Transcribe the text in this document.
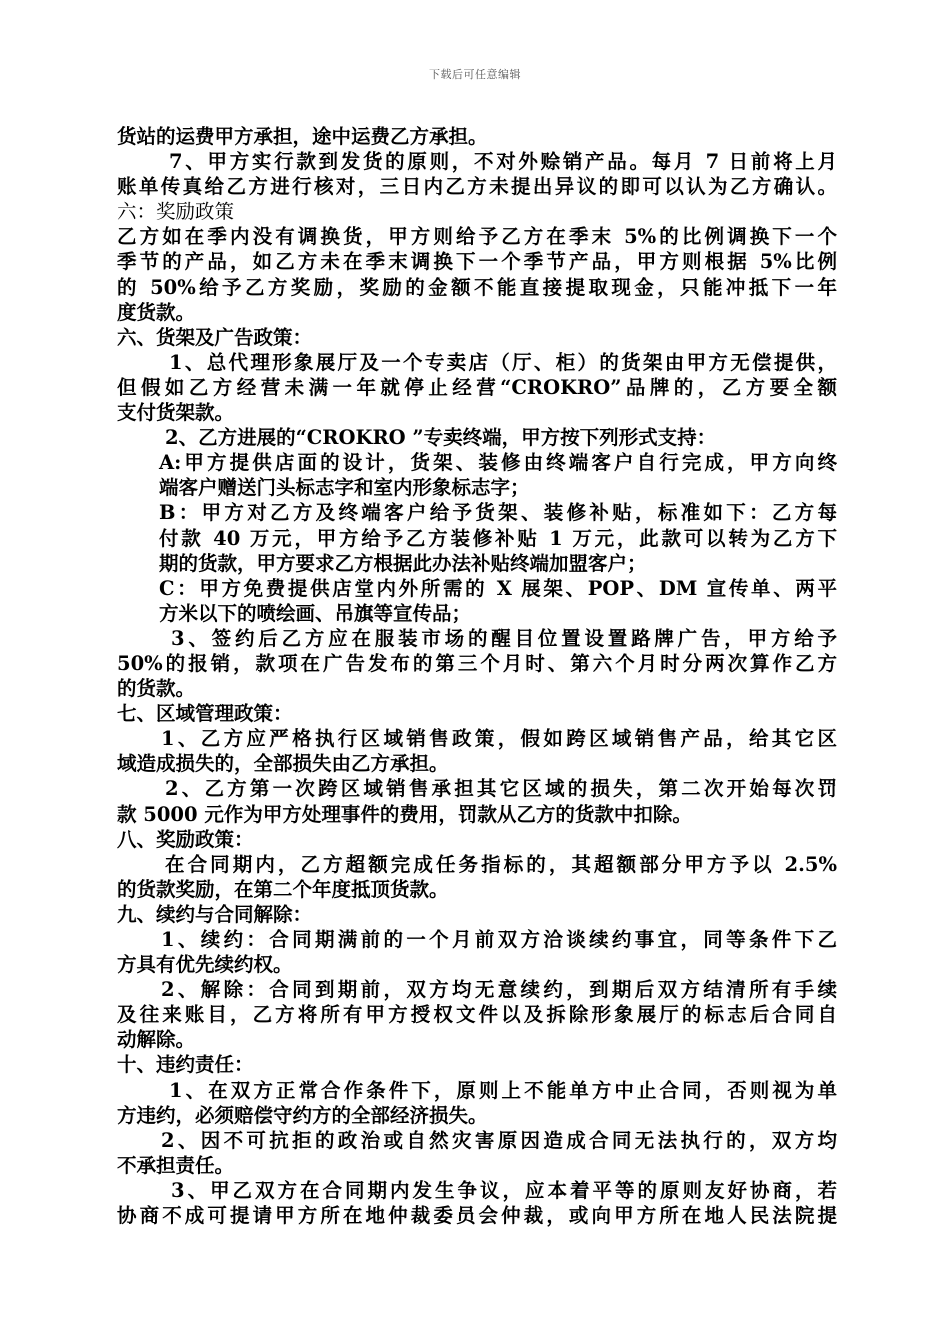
下载后可任意编辑
货站的运费甲方承担，途中运费乙方承担。
7、甲方实行款到发货的原则，不对外赊销产品。每月 7 日前将上月
账单传真给乙方进行核对，三日内乙方未提出异议的即可以认为乙方确认。
六：奖励政策
乙方如在季内没有调换货，甲方则给予乙方在季末 5%的比例调换下一个
季节的产品，如乙方未在季末调换下一个季节产品，甲方则根据 5%比例
的 50%给予乙方奖励，奖励的金额不能直接提取现金，只能冲抵下一年
度货款。
六、货架及广告政策：
1、总代理形象展厅及一个专卖店（厅、柜）的货架由甲方无偿提供，
但假如乙方经营未满一年就停止经营“CROKRO”品牌的，乙方要全额
支付货架款。
2、乙方进展的“CROKRO ”专卖终端，甲方按下列形式支持：
A:甲方提供店面的设计，货架、装修由终端客户自行完成，甲方向终
端客户赠送门头标志字和室内形象标志字；
B：甲方对乙方及终端客户给予货架、装修补贴，标准如下：乙方每
付款 40 万元，甲方给予乙方装修补贴 1 万元，此款可以转为乙方下
期的货款，甲方要求乙方根据此办法补贴终端加盟客户；
C：甲方免费提供店堂内外所需的 X 展架、POP、DM 宣传单、两平
方米以下的喷绘画、吊旗等宣传品；
3、签约后乙方应在服装市场的醒目位置设置路牌广告，甲方给予
50%的报销，款项在广告发布的第三个月时、第六个月时分两次算作乙方
的货款。
七、区域管理政策：
1、乙方应严格执行区域销售政策，假如跨区域销售产品，给其它区
域造成损失的，全部损失由乙方承担。
2、乙方第一次跨区域销售承担其它区域的损失，第二次开始每次罚
款 5000 元作为甲方处理事件的费用，罚款从乙方的货款中扣除。
八、奖励政策：
在合同期内，乙方超额完成任务指标的，其超额部分甲方予以 2.5%
的货款奖励，在第二个年度抵顶货款。
九、续约与合同解除：
1、续约：合同期满前的一个月前双方洽谈续约事宜，同等条件下乙
方具有优先续约权。
2、解除：合同到期前，双方均无意续约，到期后双方结清所有手续
及往来账目，乙方将所有甲方授权文件以及拆除形象展厅的标志后合同自
动解除。
十、违约责任：
1、在双方正常合作条件下，原则上不能单方中止合同，否则视为单
方违约，必须赔偿守约方的全部经济损失。
2、因不可抗拒的政治或自然灾害原因造成合同无法执行的，双方均
不承担责任。
3、甲乙双方在合同期内发生争议，应本着平等的原则友好协商，若
协商不成可提请甲方所在地仲裁委员会仲裁，或向甲方所在地人民法院提
